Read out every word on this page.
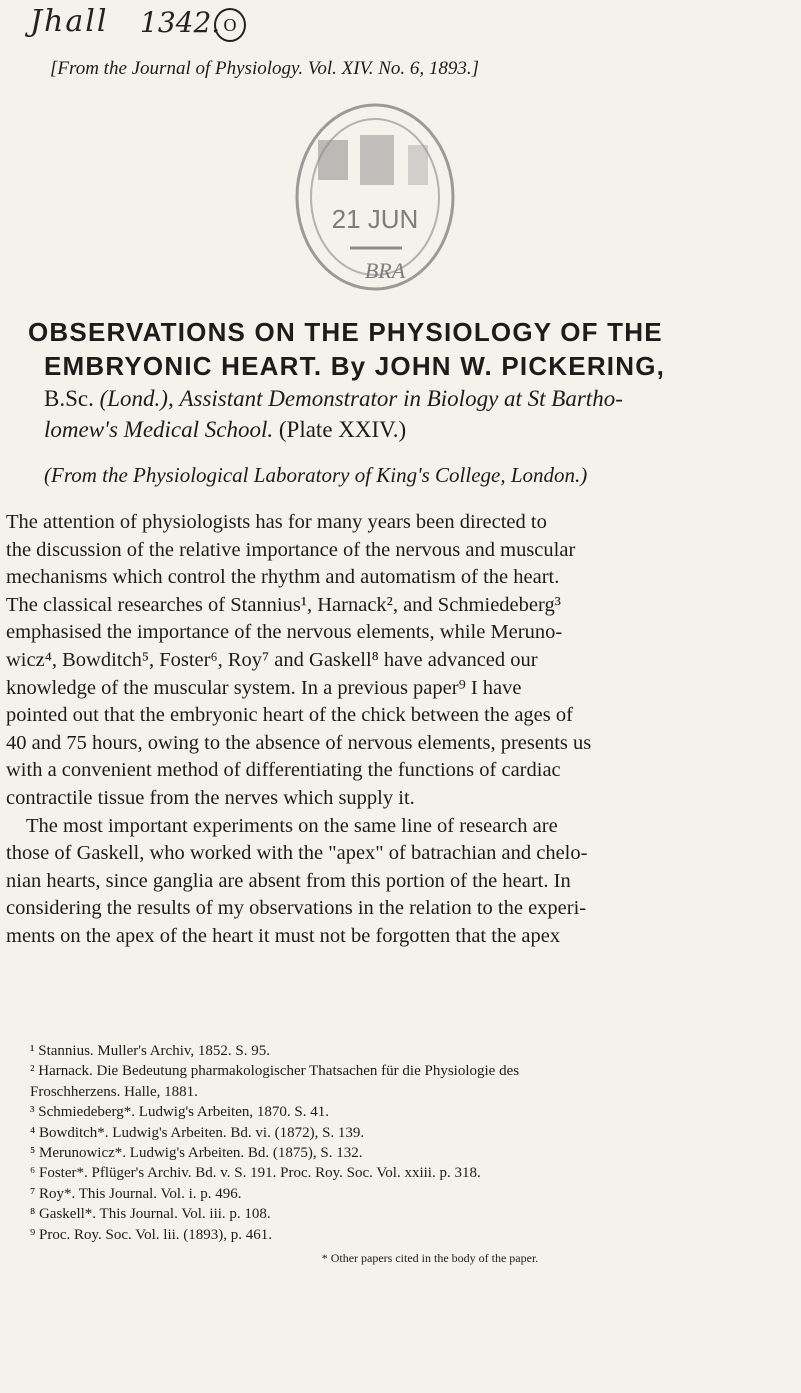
Jhall 1342. O
[From the Journal of Physiology. Vol. XIV. No. 6, 1893.]
21 JUN
BRA
OBSERVATIONS ON THE PHYSIOLOGY OF THE

EMBRYONIC HEART. By JOHN W. PICKERING,
B.Sc. (Lond.), Assistant Demonstrator in Biology at St Bartho-
lomew's Medical School. (Plate XXIV.)
(From the Physiological Laboratory of King's College, London.)
The attention of physiologists has for many years been directed to
the discussion of the relative importance of the nervous and muscular
mechanisms which control the rhythm and automatism of the heart.
The classical researches of Stannius¹, Harnack², and Schmiedeberg³
emphasised the importance of the nervous elements, while Meruno-
wicz⁴, Bowditch⁵, Foster⁶, Roy⁷ and Gaskell⁸ have advanced our
knowledge of the muscular system. In a previous paper⁹ I have
pointed out that the embryonic heart of the chick between the ages of
40 and 75 hours, owing to the absence of nervous elements, presents us
with a convenient method of differentiating the functions of cardiac
contractile tissue from the nerves which supply it.
The most important experiments on the same line of research are
those of Gaskell, who worked with the "apex" of batrachian and chelo-
nian hearts, since ganglia are absent from this portion of the heart. In
considering the results of my observations in the relation to the experi-
ments on the apex of the heart it must not be forgotten that the apex
¹ Stannius. Muller's Archiv, 1852. S. 95.
² Harnack. Die Bedeutung pharmakologischer Thatsachen für die Physiologie des
Froschherzens. Halle, 1881.
³ Schmiedeberg*. Ludwig's Arbeiten, 1870. S. 41.
⁴ Bowditch*. Ludwig's Arbeiten. Bd. vi. (1872), S. 139.
⁵ Merunowicz*. Ludwig's Arbeiten. Bd. (1875), S. 132.
⁶ Foster*. Pflüger's Archiv. Bd. v. S. 191. Proc. Roy. Soc. Vol. xxiii. p. 318.
⁷ Roy*. This Journal. Vol. i. p. 496.
⁸ Gaskell*. This Journal. Vol. iii. p. 108.
⁹ Proc. Roy. Soc. Vol. lii. (1893), p. 461.
* Other papers cited in the body of the paper.
